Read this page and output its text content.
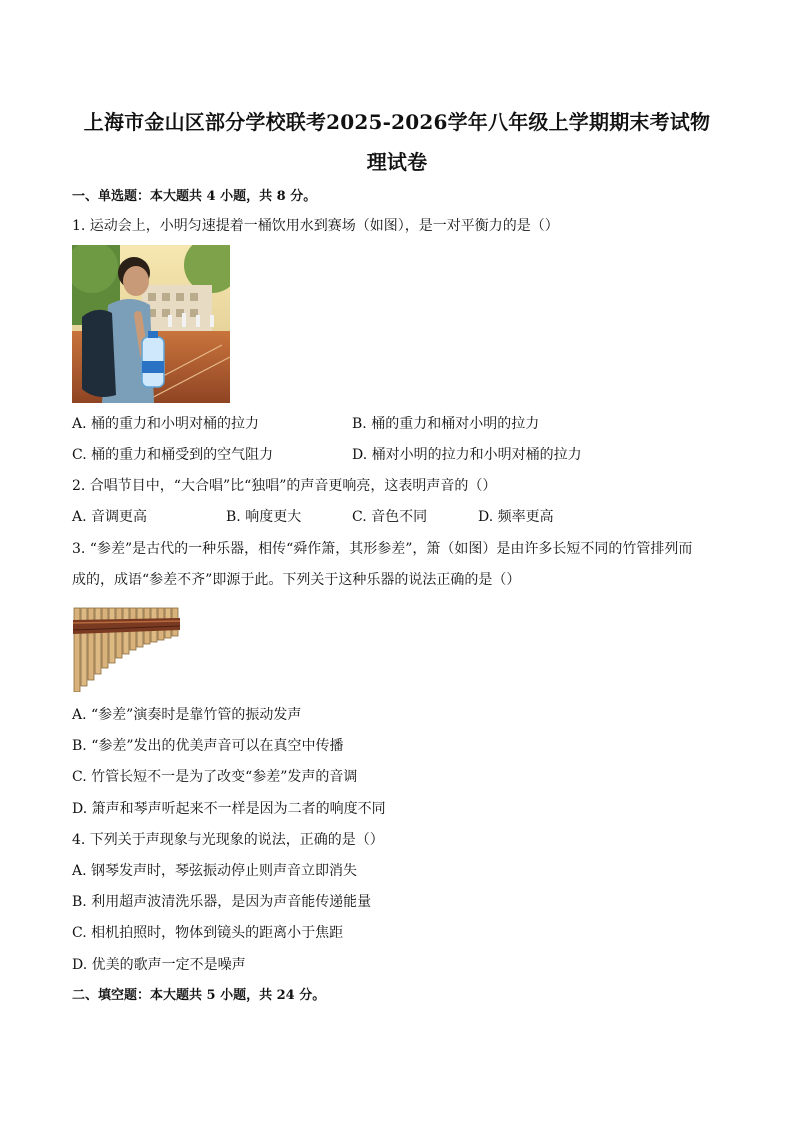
上海市金山区部分学校联考2025-2026学年八年级上学期期末考试物
理试卷
一、单选题：本大题共 4 小题，共 8 分。
1. 运动会上，小明匀速提着一桶饮用水到赛场（如图），是一对平衡力的是（）
A. 桶的重力和小明对桶的拉力	B. 桶的重力和桶对小明的拉力
C. 桶的重力和桶受到的空气阻力	D. 桶对小明的拉力和小明对桶的拉力
2. 合唱节目中，“大合唱”比“独唱”的声音更响亮，这表明声音的（）
A. 音调更高	B. 响度更大	C. 音色不同	D. 频率更高
3. “参差”是古代的一种乐器，相传“舜作箫，其形参差”，箫（如图）是由许多长短不同的竹管排列而
成的，成语“参差不齐”即源于此。下列关于这种乐器的说法正确的是（）
A. “参差”演奏时是靠竹管的振动发声
B. “参差”发出的优美声音可以在真空中传播
C. 竹管长短不一是为了改变“参差”发声的音调
D. 箫声和琴声听起来不一样是因为二者的响度不同
4. 下列关于声现象与光现象的说法，正确的是（）
A. 钢琴发声时，琴弦振动停止则声音立即消失
B. 利用超声波清洗乐器，是因为声音能传递能量
C. 相机拍照时，物体到镜头的距离小于焦距
D. 优美的歌声一定不是噪声
二、填空题：本大题共 5 小题，共 24 分。
